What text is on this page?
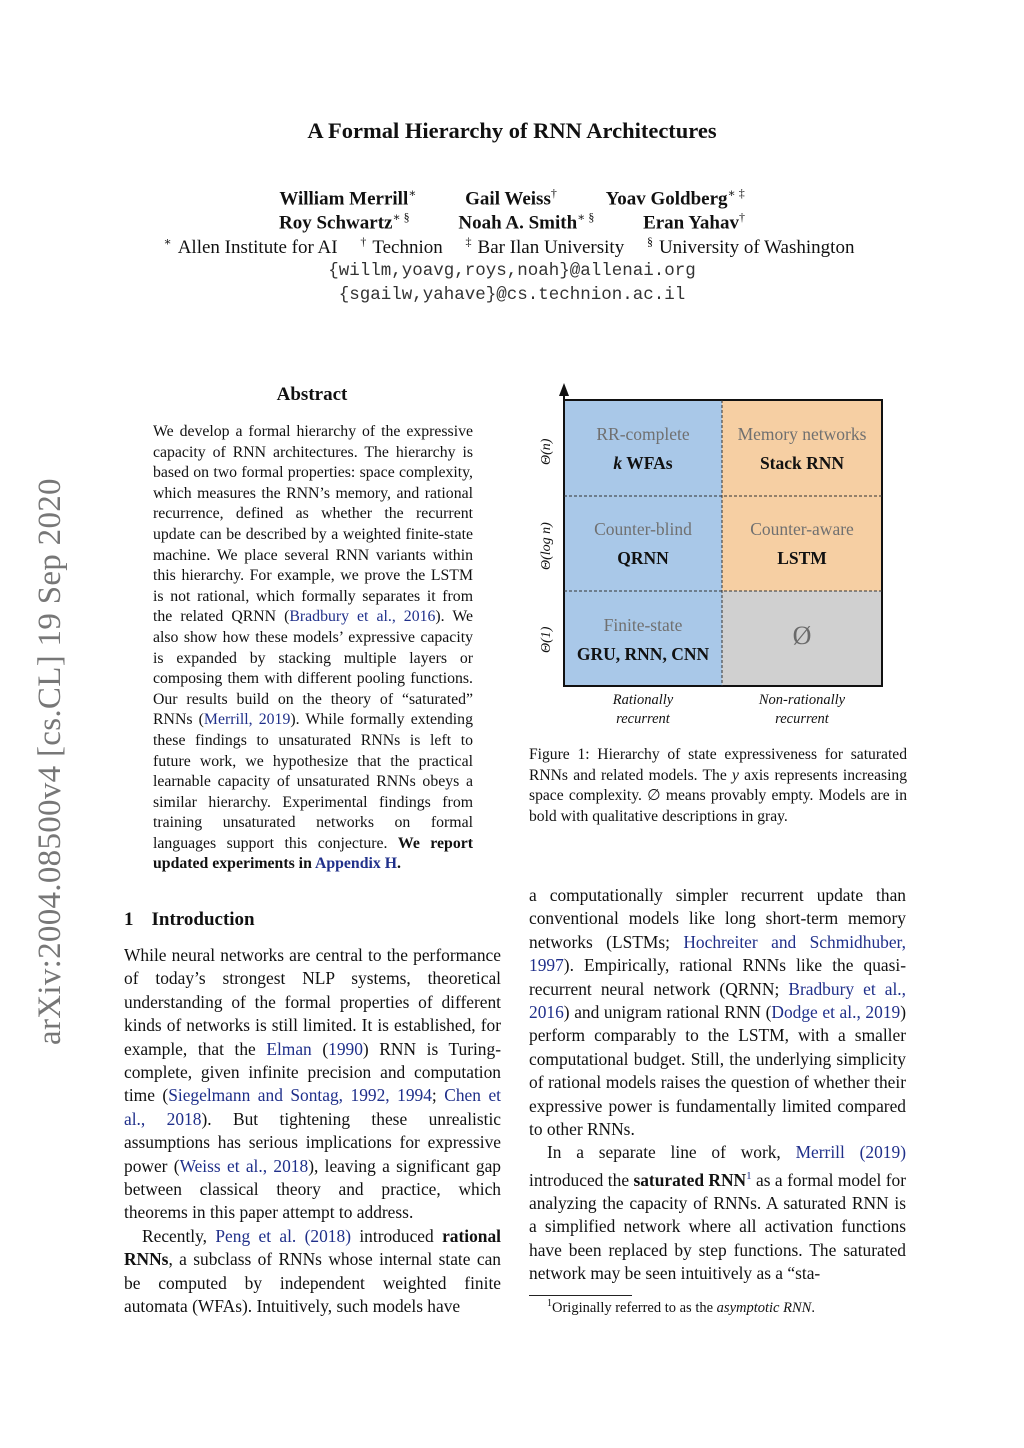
A Formal Hierarchy of RNN Architectures
William Merrill∗	Gail Weiss†	Yoav Goldberg∗ ‡
Roy Schwartz∗ §	Noah A. Smith∗ §	Eran Yahav†
∗ Allen Institute for AI † Technion ‡ Bar Ilan University § University of Washington
{willm,yoavg,roys,noah}@allenai.org
{sgailw,yahave}@cs.technion.ac.il
arXiv:2004.08500v4 [cs.CL] 19 Sep 2020
Abstract
We develop a formal hierarchy of the expressive capacity of RNN architectures. The hierarchy is based on two formal properties: space complexity, which measures the RNN’s memory, and rational recurrence, defined as whether the recurrent update can be described by a weighted finite-state machine. We place several RNN variants within this hierarchy. For example, we prove the LSTM is not rational, which formally separates it from the related QRNN (Bradbury et al., 2016). We also show how these models’ expressive capacity is expanded by stacking multiple layers or composing them with different pooling functions. Our results build on the theory of “saturated” RNNs (Merrill, 2019). While formally extending these findings to unsaturated RNNs is left to future work, we hypothesize that the practical learnable capacity of unsaturated RNNs obeys a similar hierarchy. Experimental findings from training unsaturated networks on formal languages support this conjecture. We report updated experiments in Appendix H.
1 Introduction

While neural networks are central to the performance of today’s strongest NLP systems, theoretical understanding of the formal properties of different kinds of networks is still limited. It is established, for example, that the Elman (1990) RNN is Turing-complete, given infinite precision and computation time (Siegelmann and Sontag, 1992, 1994; Chen et al., 2018). But tightening these unrealistic assumptions has serious implications for expressive power (Weiss et al., 2018), leaving a significant gap between classical theory and practice, which theorems in this paper attempt to address.

Recently, Peng et al. (2018) introduced rational RNNs, a subclass of RNNs whose internal state can be computed by independent weighted finite automata (WFAs). Intuitively, such models have

RR-complete
k WFAs
Memory networks
Stack RNN
Counter-blind
QRNN
Counter-aware
LSTM
Finite-state
GRU, RNN, CNN
Ø
Θ(n)
Θ(log n)
Θ(1)
Rationally
recurrent
Non-rationally
recurrent
Figure 1: Hierarchy of state expressiveness for saturated RNNs and related models. The y axis represents increasing space complexity. ∅ means provably empty. Models are in bold with qualitative descriptions in gray.

a computationally simpler recurrent update than conventional models like long short-term memory networks (LSTMs; Hochreiter and Schmidhuber, 1997). Empirically, rational RNNs like the quasi-recurrent neural network (QRNN; Bradbury et al., 2016) and unigram rational RNN (Dodge et al., 2019) perform comparably to the LSTM, with a smaller computational budget. Still, the underlying simplicity of rational models raises the question of whether their expressive power is fundamentally limited compared to other RNNs.

In a separate line of work, Merrill (2019) introduced the saturated RNN$^1$ as a formal model for analyzing the capacity of RNNs. A saturated RNN is a simplified network where all activation functions have been replaced by step functions. The saturated network may be seen intuitively as a “sta-

$^1$Originally referred to as the asymptotic RNN.
